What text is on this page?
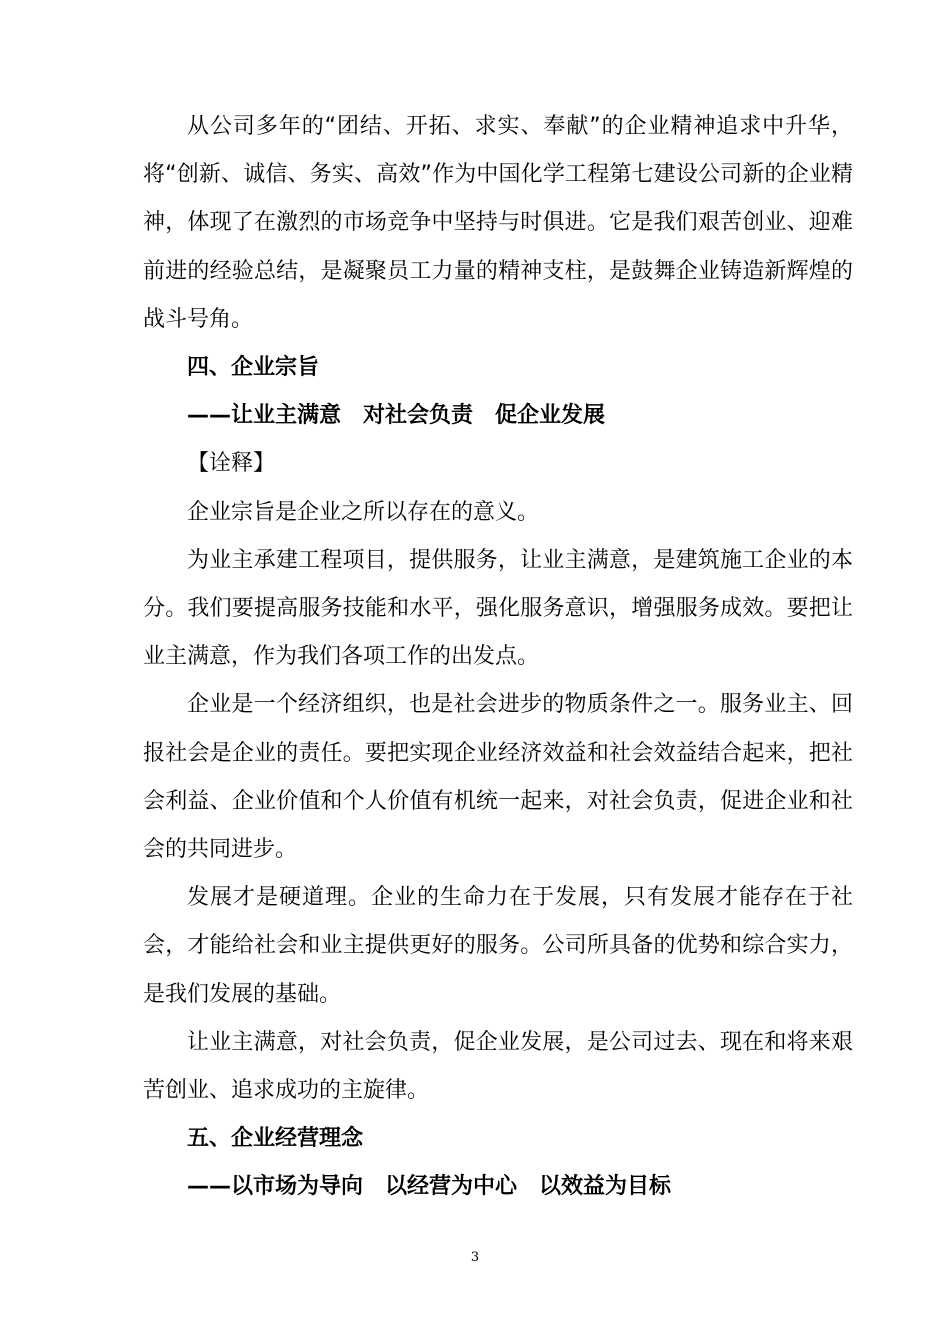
从公司多年的“团结、开拓、求实、奉献”的企业精神追求中升华，将“创新、诚信、务实、高效”作为中国化学工程第七建设公司新的企业精神，体现了在激烈的市场竞争中坚持与时俱进。它是我们艰苦创业、迎难前进的经验总结，是凝聚员工力量的精神支柱，是鼓舞企业铸造新辉煌的战斗号角。

四、企业宗旨

——让业主满意　对社会负责　促企业发展

【诠释】

企业宗旨是企业之所以存在的意义。

为业主承建工程项目，提供服务，让业主满意，是建筑施工企业的本分。我们要提高服务技能和水平，强化服务意识，增强服务成效。要把让业主满意，作为我们各项工作的出发点。

企业是一个经济组织，也是社会进步的物质条件之一。服务业主、回报社会是企业的责任。要把实现企业经济效益和社会效益结合起来，把社会利益、企业价值和个人价值有机统一起来，对社会负责，促进企业和社会的共同进步。

发展才是硬道理。企业的生命力在于发展，只有发展才能存在于社会，才能给社会和业主提供更好的服务。公司所具备的优势和综合实力，是我们发展的基础。

让业主满意，对社会负责，促企业发展，是公司过去、现在和将来艰苦创业、追求成功的主旋律。

五、企业经营理念

——以市场为导向　以经营为中心　以效益为目标

3
